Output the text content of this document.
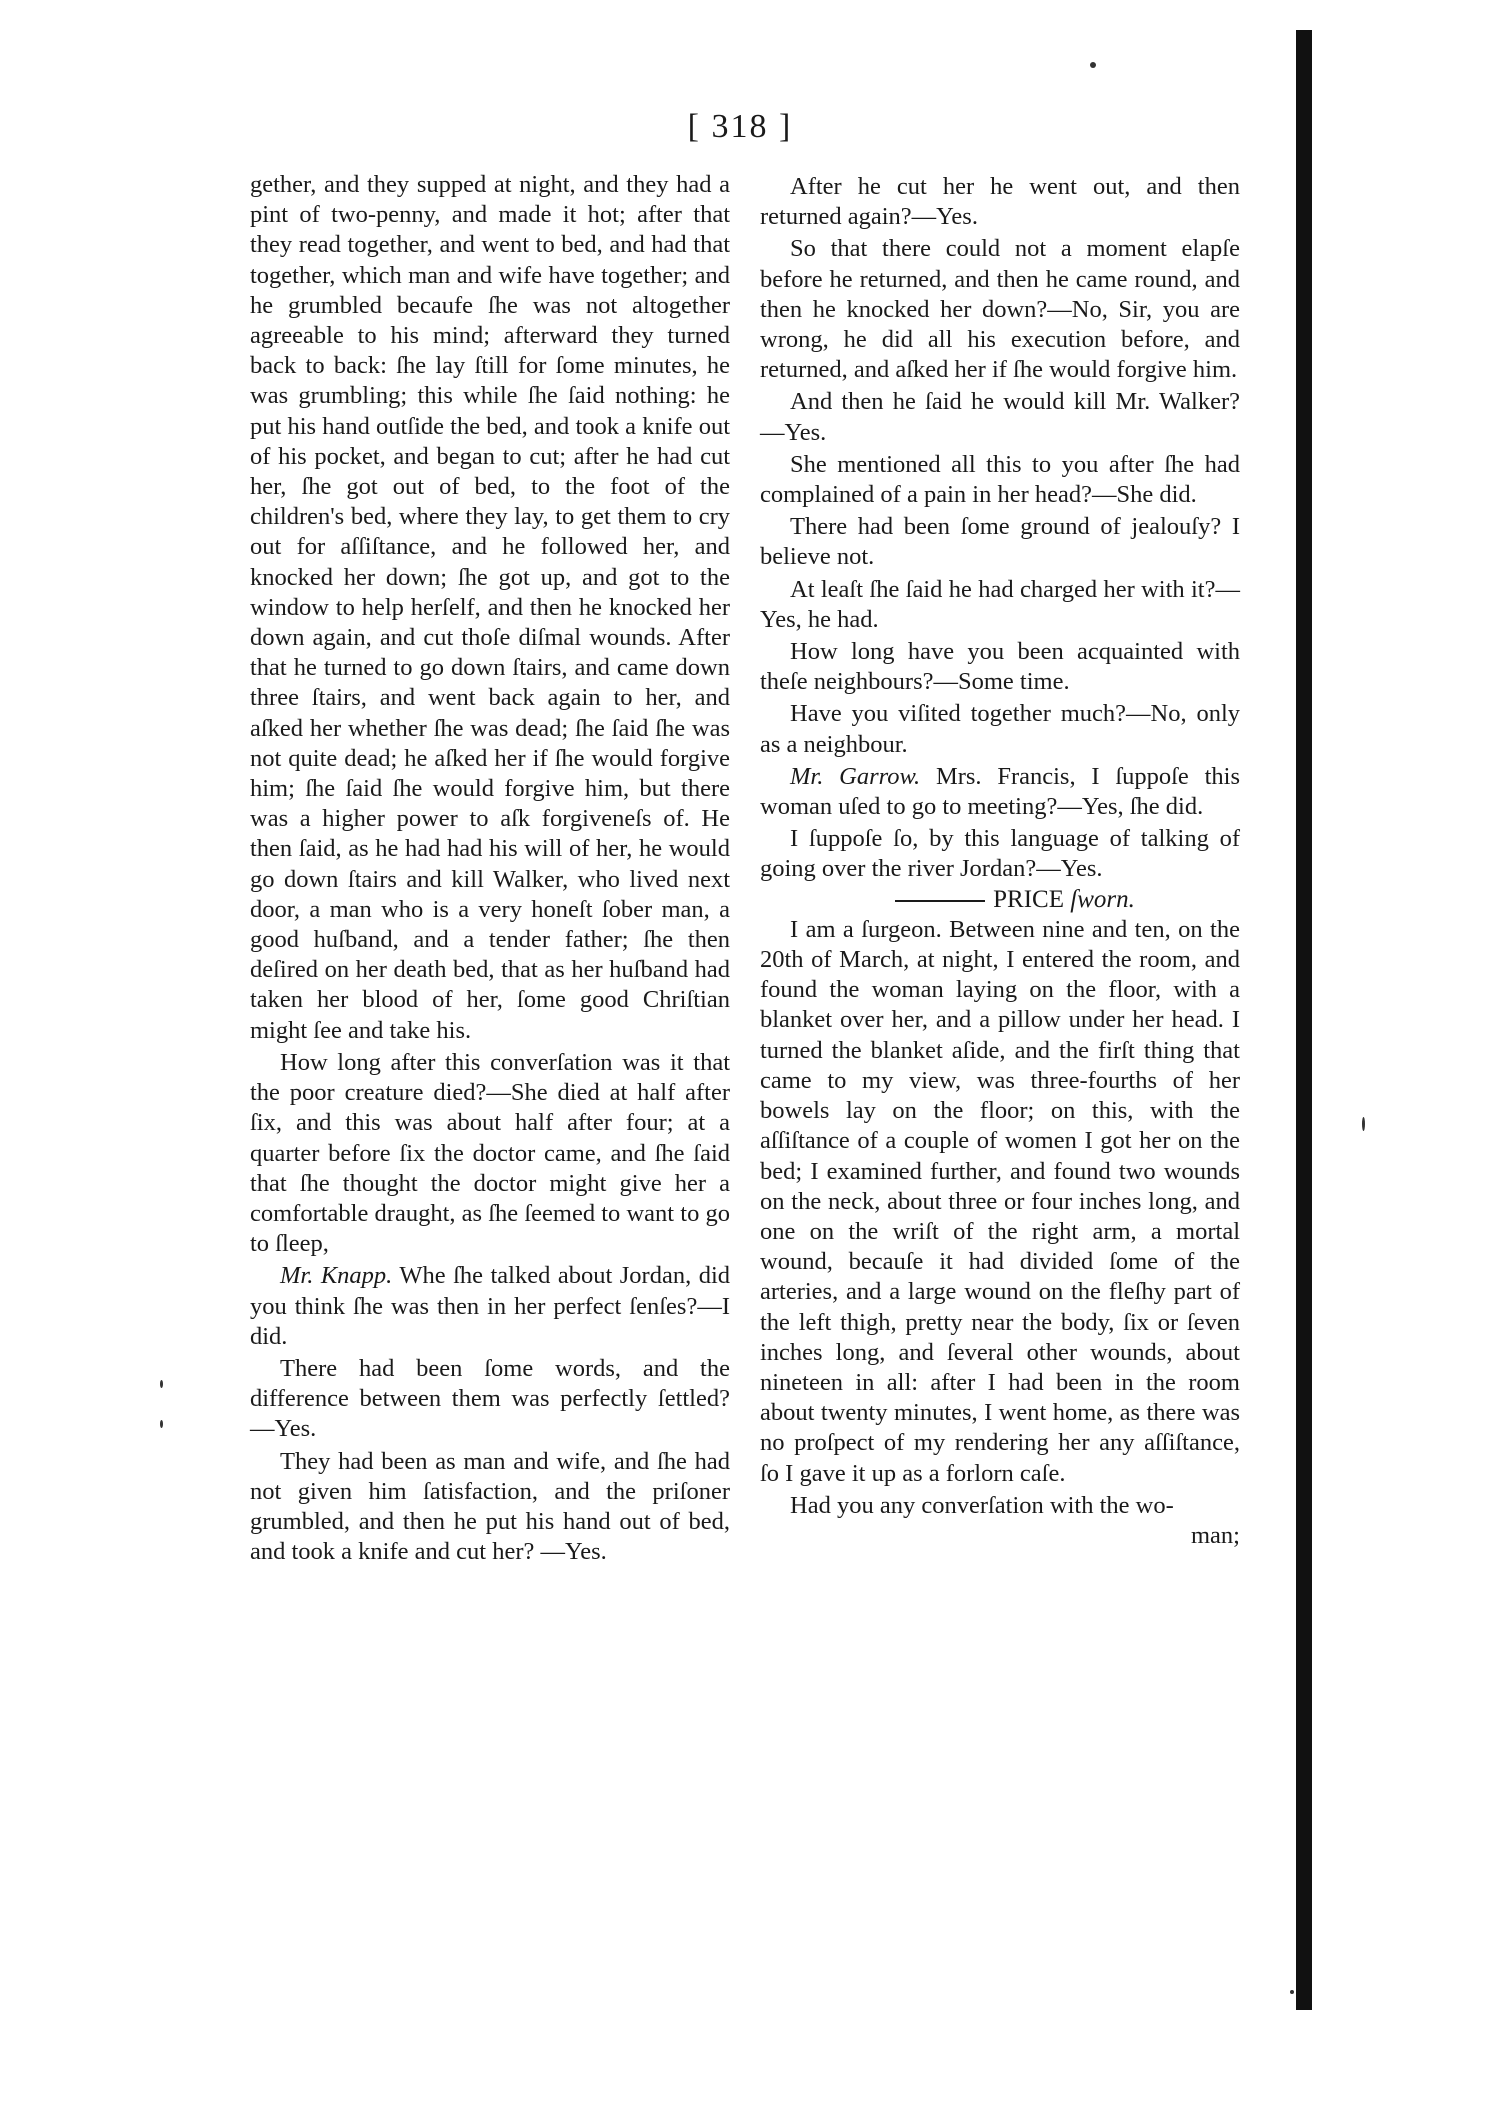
[ 318 ]

gether, and they supped at night, and they had a pint of two-penny, and made it hot; after that they read together, and went to bed, and had that together, which man and wife have together; and he grumbled becaufe ſhe was not altogether agreeable to his mind; afterward they turned back to back: ſhe lay ſtill for ſome minutes, he was grumbling; this while ſhe ſaid nothing: he put his hand outſide the bed, and took a knife out of his pocket, and began to cut; after he had cut her, ſhe got out of bed, to the foot of the children's bed, where they lay, to get them to cry out for aſſiſtance, and he followed her, and knocked her down; ſhe got up, and got to the window to help herſelf, and then he knocked her down again, and cut thoſe diſmal wounds. After that he turned to go down ſtairs, and came down three ſtairs, and went back again to her, and aſked her whether ſhe was dead; ſhe ſaid ſhe was not quite dead; he aſked her if ſhe would forgive him; ſhe ſaid ſhe would forgive him, but there was a higher power to aſk forgiveneſs of. He then ſaid, as he had had his will of her, he would go down ſtairs and kill Walker, who lived next door, a man who is a very honeſt ſober man, a good huſband, and a tender father; ſhe then deſired on her death bed, that as her huſband had taken her blood of her, ſome good Chriſtian might ſee and take his.

How long after this converſation was it that the poor creature died?—She died at half after ſix, and this was about half after four; at a quarter before ſix the doctor came, and ſhe ſaid that ſhe thought the doctor might give her a comfortable draught, as ſhe ſeemed to want to go to ſleep,

Mr. Knapp. Whe ſhe talked about Jordan, did you think ſhe was then in her perfect ſenſes?—I did.

There had been ſome words, and the difference between them was perfectly ſettled?—Yes.

They had been as man and wife, and ſhe had not given him ſatisfaction, and the priſoner grumbled, and then he put his hand out of bed, and took a knife and cut her? —Yes.

After he cut her he went out, and then returned again?—Yes.

So that there could not a moment elapſe before he returned, and then he came round, and then he knocked her down?—No, Sir, you are wrong, he did all his execution before, and returned, and aſked her if ſhe would forgive him.

And then he ſaid he would kill Mr. Walker?—Yes.

She mentioned all this to you after ſhe had complained of a pain in her head?—She did.

There had been ſome ground of jealouſy? I believe not.

At leaſt ſhe ſaid he had charged her with it?—Yes, he had.

How long have you been acquainted with theſe neighbours?—Some time.

Have you viſited together much?—No, only as a neighbour.

Mr. Garrow. Mrs. Francis, I ſuppoſe this woman uſed to go to meeting?—Yes, ſhe did.

I ſuppoſe ſo, by this language of talking of going over the river Jordan?—Yes.

PRICE ſworn.

I am a ſurgeon. Between nine and ten, on the 20th of March, at night, I entered the room, and found the woman laying on the floor, with a blanket over her, and a pillow under her head. I turned the blanket aſide, and the firſt thing that came to my view, was three-fourths of her bowels lay on the floor; on this, with the aſſiſtance of a couple of women I got her on the bed; I examined further, and found two wounds on the neck, about three or four inches long, and one on the wriſt of the right arm, a mortal wound, becauſe it had divided ſome of the arteries, and a large wound on the fleſhy part of the left thigh, pretty near the body, ſix or ſeven inches long, and ſeveral other wounds, about nineteen in all: after I had been in the room about twenty minutes, I went home, as there was no proſpect of my rendering her any aſſiſtance, ſo I gave it up as a forlorn caſe.

Had you any converſation with the wo-

man;
